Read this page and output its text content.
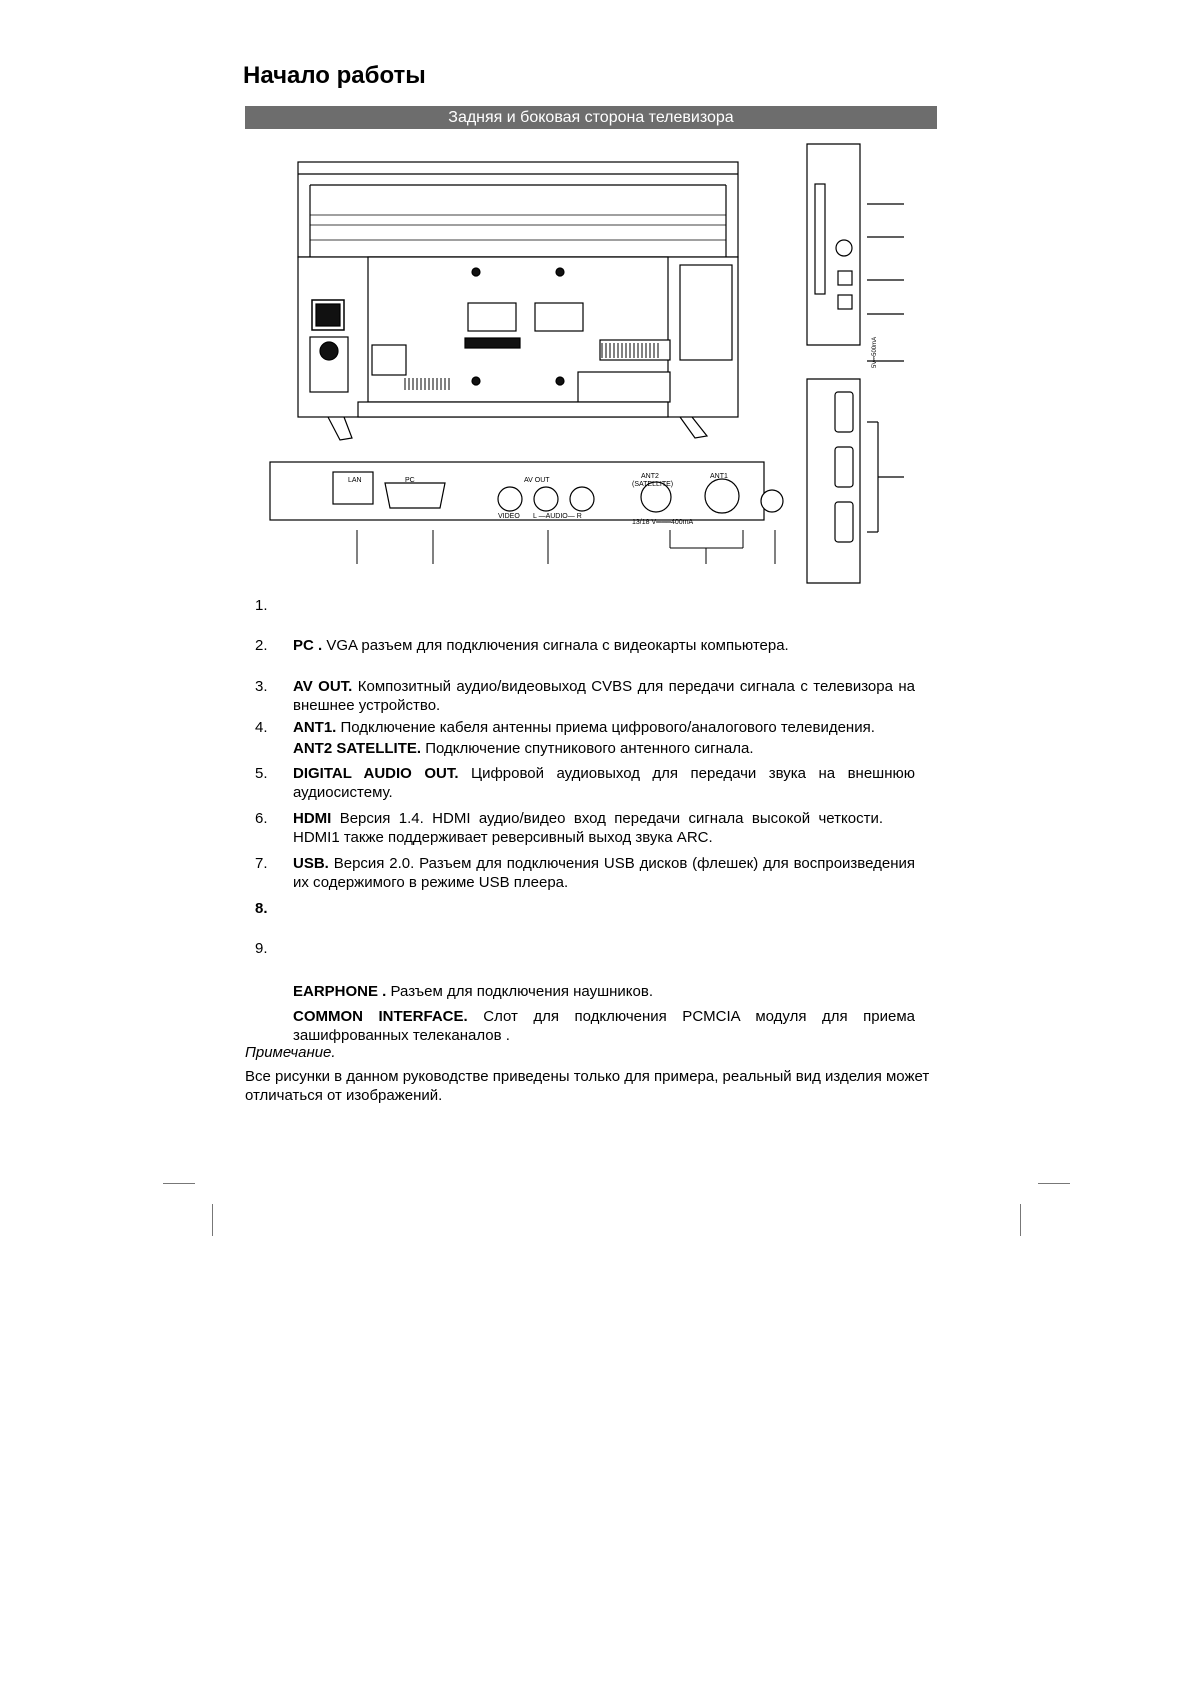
Начало работы
Задняя и боковая сторона телевизора
LAN	PC	AV OUT
VIDEO L —AUDIO— R
ANT2
(SATELLITE)
ANT1
13/18 V═══400mA
5V⎓500mA
1.
2. PC . VGA разъем для подключения сигнала с видеокарты компьютера.
3. AV OUT. Композитный аудио/видеовыход CVBS для передачи сигнала с телевизора на внешнее устройство.
4. ANT1. Подключение кабеля антенны приема цифрового/аналогового телевидения.
ANT2 SATELLITE. Подключение спутникового антенного сигнала.
5. DIGITAL AUDIO OUT. Цифровой аудиовыход для передачи звука на внешнюю аудиосистему.
6. HDMI Версия 1.4. HDMI аудио/видео вход передачи сигнала высокой четкости. HDMI1 также поддерживает реверсивный выход звука ARC.
7. USB. Версия 2.0. Разъем для подключения USB дисков (флешек) для воспроизведения их содержимого в режиме USB плеера.
8.
9.
EARPHONE . Разъем для подключения наушников.
COMMON INTERFACE. Слот для подключения PCMCIA модуля для приема зашифрованных телеканалов .
Примечание.
Все рисунки в данном руководстве приведены только для примера, реальный вид изделия может отличаться от изображений.
